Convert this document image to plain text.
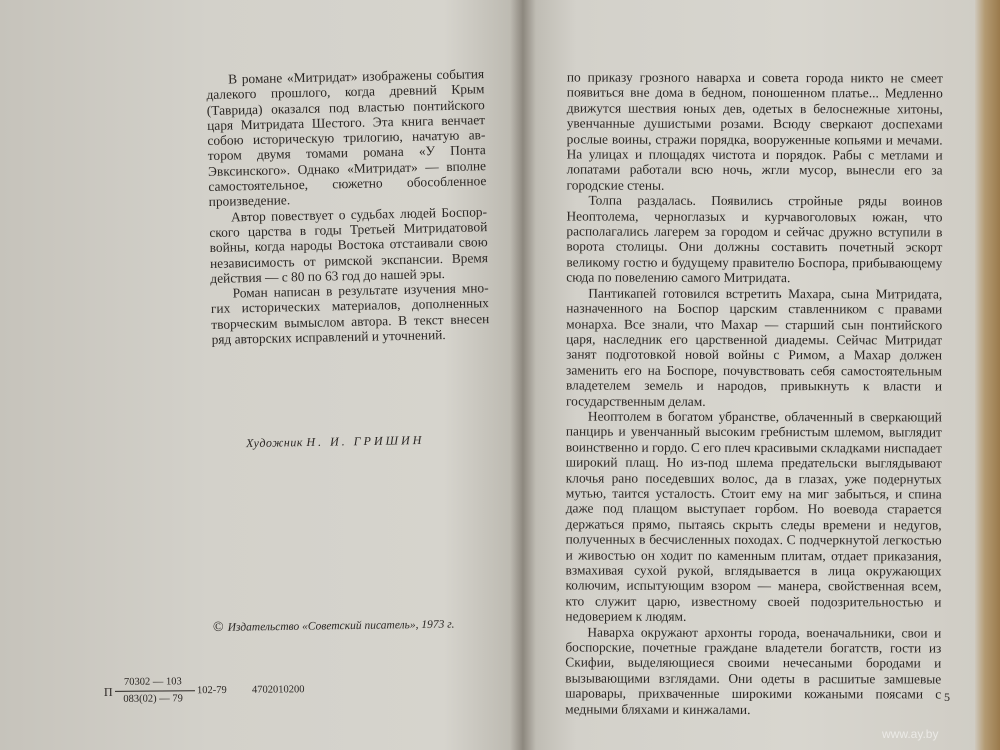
В романе «Митридат» изображены события далекого прошлого, когда древний Крым (Таврида) оказался под властью понтийского царя Митридата Шестого. Эта книга венчает собою историческую трилогию, начатую автором двумя томами романа «У Понта Эвксинского». Однако «Митридат» — вполне самостоятельное, сюжетно обособленное произведение.

Автор повествует о судьбах людей Боспорского царства в годы Третьей Митридатовой войны, когда народы Востока отстаивали свою независимость от римской экспансии. Время действия — с 80 по 63 год до нашей эры.

Роман написан в результате изучения многих исторических материалов, дополненных творческим вымыслом автора. В текст внесен ряд авторских исправлений и уточнений.

Художник Н. И. ГРИШИН
© Издательство «Советский писатель», 1973 г.
П
70302 — 103
083(02) — 79
102-79 4702010200

по приказу грозного наварха и совета города никто не смеет появиться вне дома в бедном, поношенном платье... Медленно движутся шествия юных дев, одетых в белоснежные хитоны, увенчанные душистыми розами. Всюду сверкают доспехами рослые воины, стражи порядка, вооруженные копьями и мечами. На улицах и площадях чистота и порядок. Рабы с метлами и лопатами работали всю ночь, жгли мусор, вынесли его за городские стены.

Толпа раздалась. Появились стройные ряды воинов Неоптолема, черноглазых и курчавоголовых южан, что располагались лагерем за городом и сейчас дружно вступили в ворота столицы. Они должны составить почетный эскорт великому гостю и будущему правителю Боспора, прибывающему сюда по повелению самого Митридата.

Пантикапей готовился встретить Махара, сына Митридата, назначенного на Боспор царским ставленником с правами монарха. Все знали, что Махар — старший сын понтийского царя, наследник его царственной диадемы. Сейчас Митридат занят подготовкой новой войны с Римом, а Махар должен заменить его на Боспоре, почувствовать себя самостоятельным владетелем земель и народов, привыкнуть к власти и государственным делам.

Неоптолем в богатом убранстве, облаченный в сверкающий панцирь и увенчанный высоким гребнистым шлемом, выглядит воинственно и гордо. С его плеч красивыми складками ниспадает широкий плащ. Но из-под шлема предательски выглядывают клочья рано поседевших волос, да в глазах, уже подернутых мутью, таится усталость. Стоит ему на миг забыться, и спина даже под плащом выступает горбом. Но воевода старается держаться прямо, пытаясь скрыть следы времени и недугов, полученных в бесчисленных походах. С подчеркнутой легкостью и живостью он ходит по каменным плитам, отдает приказания, взмахивая сухой рукой, вглядывается в лица окружающих колючим, испытующим взором — манера, свойственная всем, кто служит царю, известному своей подозрительностью и недоверием к людям.

Наварха окружают архонты города, военачальники, свои и боспорские, почетные граждане владетели богатств, гости из Скифии, выделяющиеся своими нечесаными бородами и вызывающими взглядами. Они одеты в расшитые замшевые шаровары, прихваченные широкими кожаными поясами с медными бляхами и кинжалами.

5
www.ay.by
